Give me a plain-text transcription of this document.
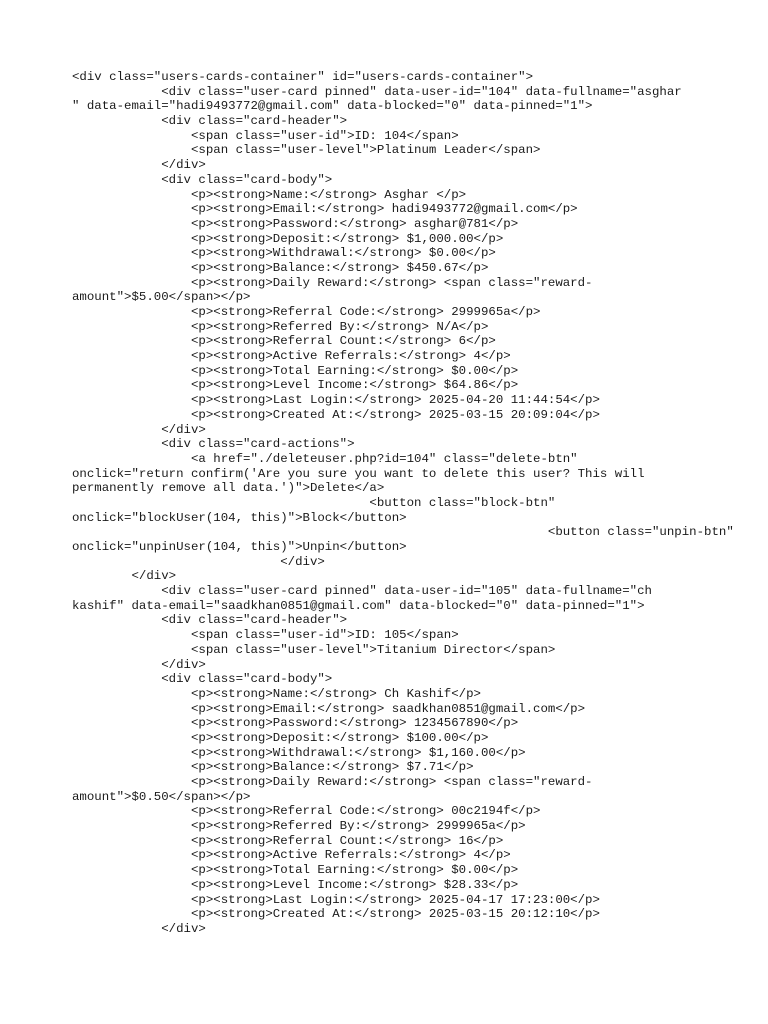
<div class="users-cards-container" id="users-cards-container">
<div class="user-card pinned" data-user-id="104" data-fullname="asghar
" data-email="hadi9493772@gmail.com" data-blocked="0" data-pinned="1">
<div class="card-header">
<span class="user-id">ID: 104</span>
<span class="user-level">Platinum Leader</span>
</div>
<div class="card-body">
<p><strong>Name:</strong> Asghar </p>
<p><strong>Email:</strong> hadi9493772@gmail.com</p>
<p><strong>Password:</strong> asghar@781</p>
<p><strong>Deposit:</strong> $1,000.00</p>
<p><strong>Withdrawal:</strong> $0.00</p>
<p><strong>Balance:</strong> $450.67</p>
<p><strong>Daily Reward:</strong> <span class="reward-
amount">$5.00</span></p>
<p><strong>Referral Code:</strong> 2999965a</p>
<p><strong>Referred By:</strong> N/A</p>
<p><strong>Referral Count:</strong> 6</p>
<p><strong>Active Referrals:</strong> 4</p>
<p><strong>Total Earning:</strong> $0.00</p>
<p><strong>Level Income:</strong> $64.86</p>
<p><strong>Last Login:</strong> 2025-04-20 11:44:54</p>
<p><strong>Created At:</strong> 2025-03-15 20:09:04</p>
</div>
<div class="card-actions">
<a href="./deleteuser.php?id=104" class="delete-btn"
onclick="return confirm('Are you sure you want to delete this user? This will
permanently remove all data.')">Delete</a>
<button class="block-btn"
onclick="blockUser(104, this)">Block</button>
<button class="unpin-btn"
onclick="unpinUser(104, this)">Unpin</button>
</div>
</div>
<div class="user-card pinned" data-user-id="105" data-fullname="ch
kashif" data-email="saadkhan0851@gmail.com" data-blocked="0" data-pinned="1">
<div class="card-header">
<span class="user-id">ID: 105</span>
<span class="user-level">Titanium Director</span>
</div>
<div class="card-body">
<p><strong>Name:</strong> Ch Kashif</p>
<p><strong>Email:</strong> saadkhan0851@gmail.com</p>
<p><strong>Password:</strong> 1234567890</p>
<p><strong>Deposit:</strong> $100.00</p>
<p><strong>Withdrawal:</strong> $1,160.00</p>
<p><strong>Balance:</strong> $7.71</p>
<p><strong>Daily Reward:</strong> <span class="reward-
amount">$0.50</span></p>
<p><strong>Referral Code:</strong> 00c2194f</p>
<p><strong>Referred By:</strong> 2999965a</p>
<p><strong>Referral Count:</strong> 16</p>
<p><strong>Active Referrals:</strong> 4</p>
<p><strong>Total Earning:</strong> $0.00</p>
<p><strong>Level Income:</strong> $28.33</p>
<p><strong>Last Login:</strong> 2025-04-17 17:23:00</p>
<p><strong>Created At:</strong> 2025-03-15 20:12:10</p>
</div>
